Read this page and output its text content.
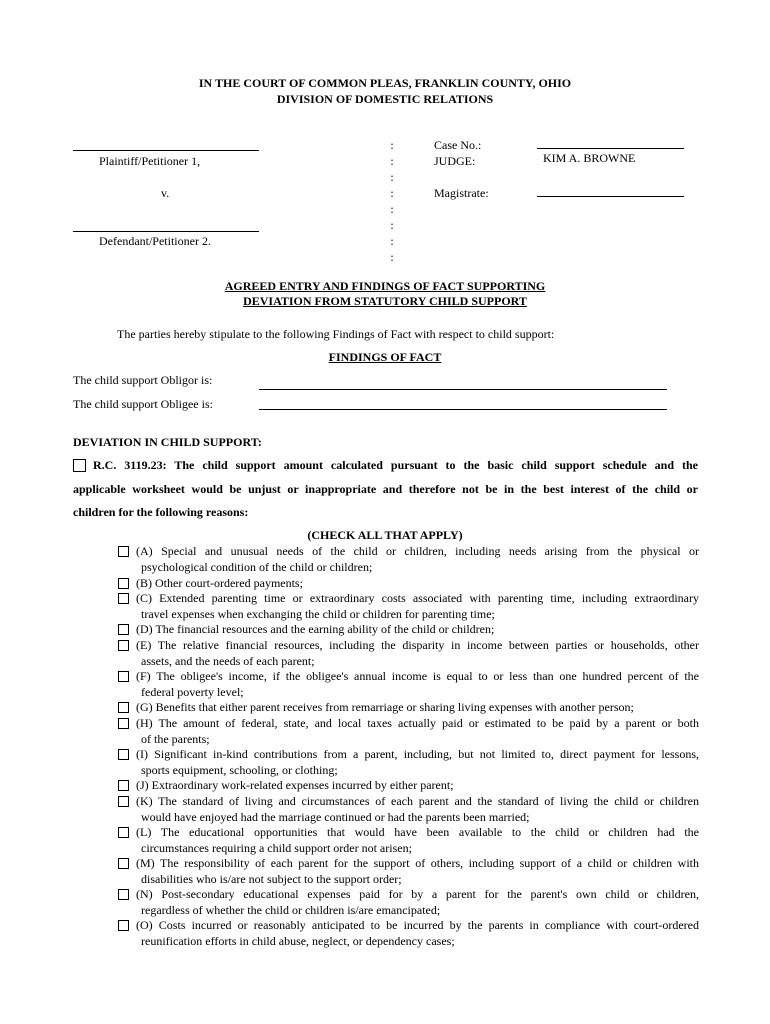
IN THE COURT OF COMMON PLEAS, FRANKLIN COUNTY, OHIO
DIVISION OF DOMESTIC RELATIONS
Plaintiff/Petitioner 1,
v.
Defendant/Petitioner 2.
:
:
:
:
:
:
:
:
Case No.:
JUDGE:	KIM A. BROWNE
Magistrate:
AGREED ENTRY AND FINDINGS OF FACT SUPPORTING
DEVIATION FROM STATUTORY CHILD SUPPORT
The parties hereby stipulate to the following Findings of Fact with respect to child support:
FINDINGS OF FACT
The child support Obligor is:
The child support Obligee is:
DEVIATION IN CHILD SUPPORT:
R.C. 3119.23: The child support amount calculated pursuant to the basic child support schedule and the
applicable worksheet would be unjust or inappropriate and therefore not be in the best interest of the child or
children for the following reasons:
(CHECK ALL THAT APPLY)
(A) Special and unusual needs of the child or children, including needs arising from the physical or
psychological condition of the child or children;
(B) Other court-ordered payments;
(C) Extended parenting time or extraordinary costs associated with parenting time, including extraordinary
travel expenses when exchanging the child or children for parenting time;
(D) The financial resources and the earning ability of the child or children;
(E) The relative financial resources, including the disparity in income between parties or households, other
assets, and the needs of each parent;
(F) The obligee's income, if the obligee's annual income is equal to or less than one hundred percent of the
federal poverty level;
(G) Benefits that either parent receives from remarriage or sharing living expenses with another person;
(H) The amount of federal, state, and local taxes actually paid or estimated to be paid by a parent or both
of the parents;
(I) Significant in-kind contributions from a parent, including, but not limited to, direct payment for lessons,
sports equipment, schooling, or clothing;
(J) Extraordinary work-related expenses incurred by either parent;
(K) The standard of living and circumstances of each parent and the standard of living the child or children
would have enjoyed had the marriage continued or had the parents been married;
(L) The educational opportunities that would have been available to the child or children had the
circumstances requiring a child support order not arisen;
(M) The responsibility of each parent for the support of others, including support of a child or children with
disabilities who is/are not subject to the support order;
(N) Post-secondary educational expenses paid for by a parent for the parent's own child or children,
regardless of whether the child or children is/are emancipated;
(O) Costs incurred or reasonably anticipated to be incurred by the parents in compliance with court-ordered
reunification efforts in child abuse, neglect, or dependency cases;
